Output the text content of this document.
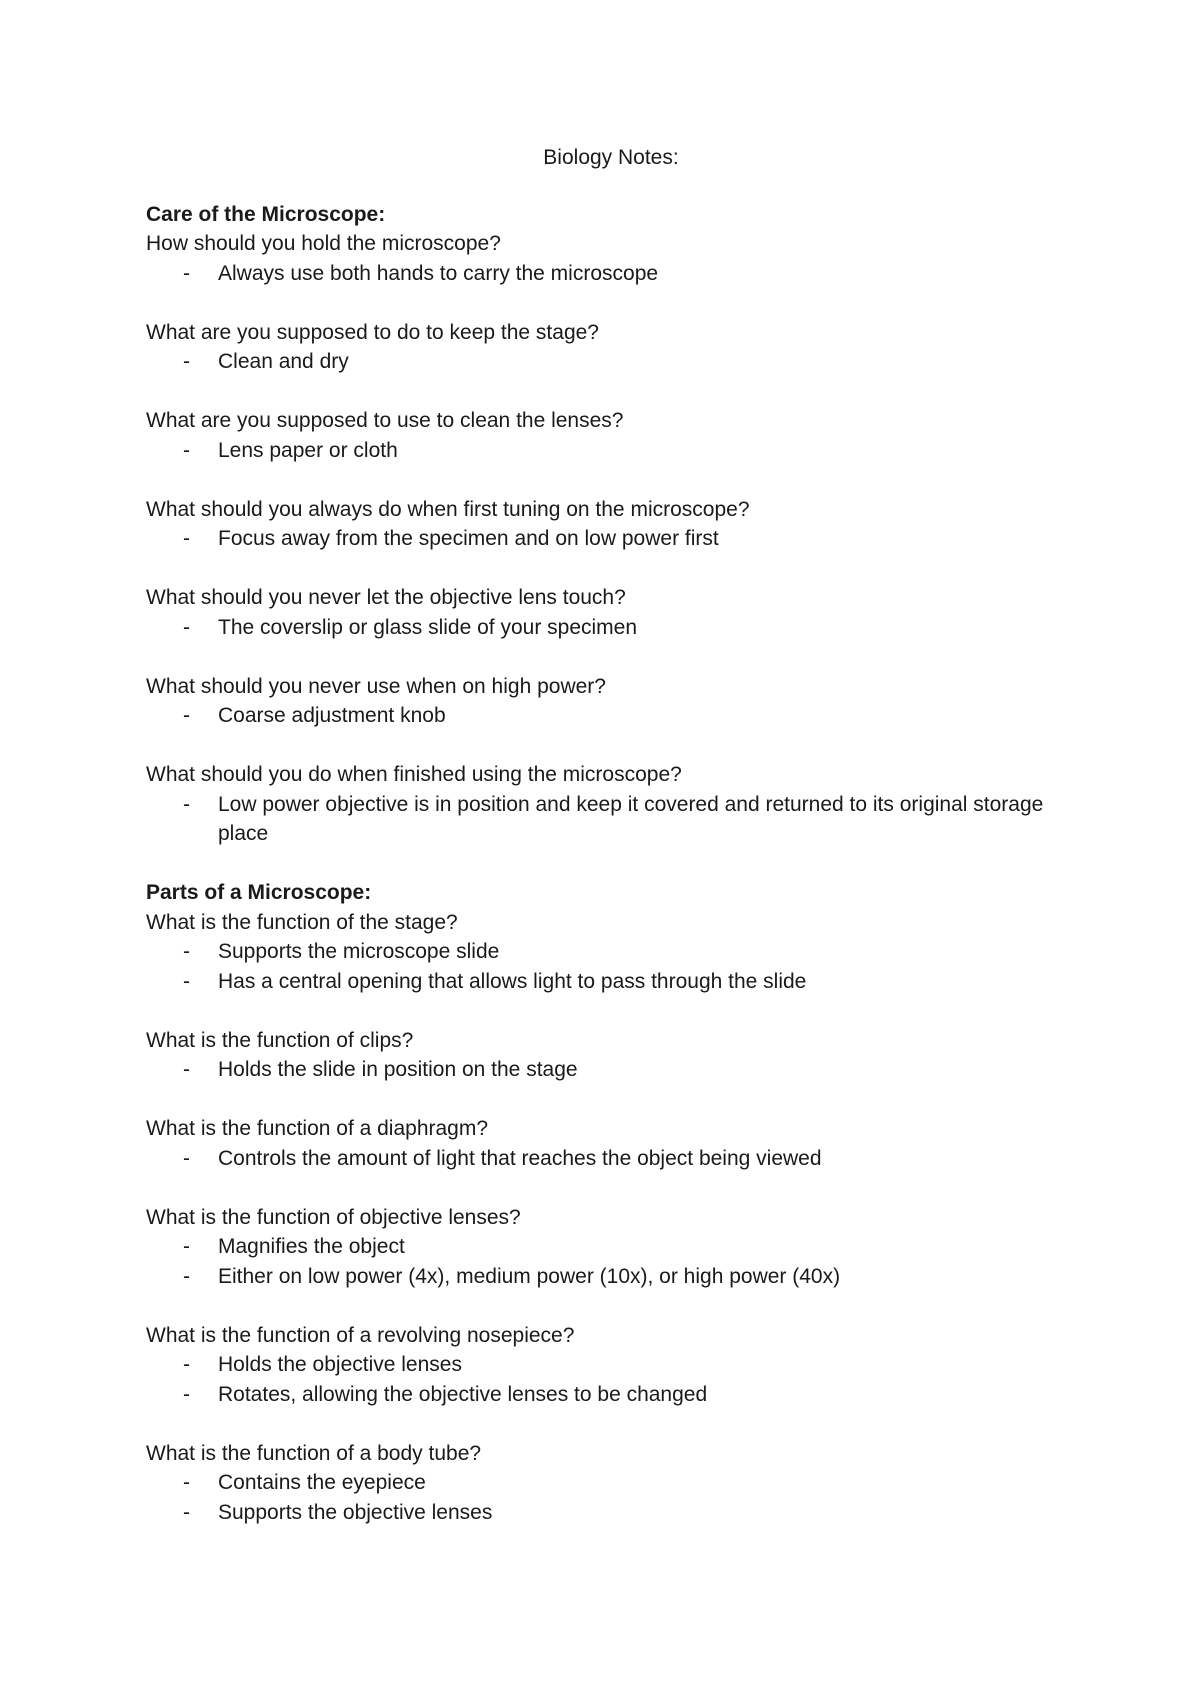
Biology Notes:
Care of the Microscope:

How should you hold the microscope?

- Always use both hands to carry the microscope

What are you supposed to do to keep the stage?

- Clean and dry

What are you supposed to use to clean the lenses?

- Lens paper or cloth

What should you always do when first tuning on the microscope?

- Focus away from the specimen and on low power first

What should you never let the objective lens touch?

- The coverslip or glass slide of your specimen

What should you never use when on high power?

- Coarse adjustment knob

What should you do when finished using the microscope?

- Low power objective is in position and keep it covered and returned to its original storage place
Parts of a Microscope:

What is the function of the stage?

- Supports the microscope slide
- Has a central opening that allows light to pass through the slide

What is the function of clips?

- Holds the slide in position on the stage

What is the function of a diaphragm?

- Controls the amount of light that reaches the object being viewed

What is the function of objective lenses?

- Magnifies the object
- Either on low power (4x), medium power (10x), or high power (40x)

What is the function of a revolving nosepiece?

- Holds the objective lenses
- Rotates, allowing the objective lenses to be changed

What is the function of a body tube?

- Contains the eyepiece
- Supports the objective lenses
